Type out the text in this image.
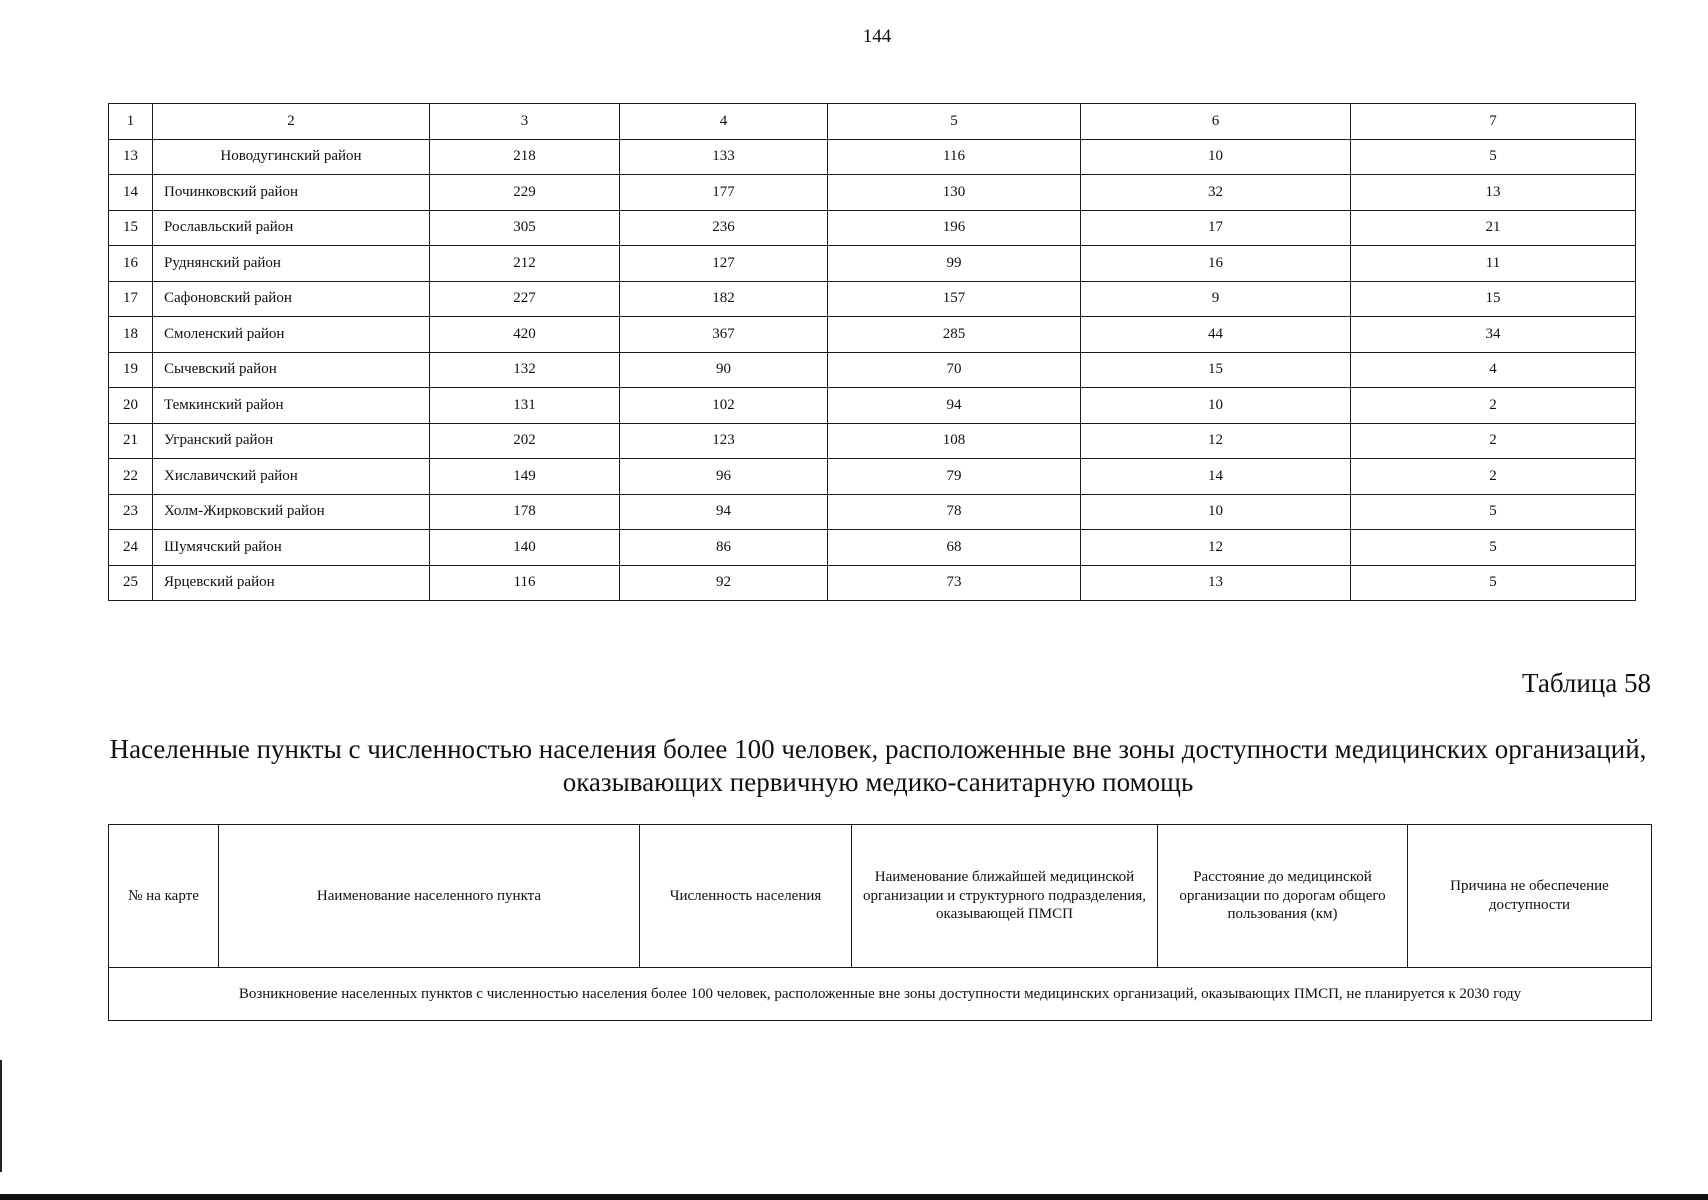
144
1	2	3	4	5	6	7
13	Новодугинский район	218	133	116	10	5
14	Починковский район	229	177	130	32	13
15	Рославльский район	305	236	196	17	21
16	Руднянский район	212	127	99	16	11
17	Сафоновский район	227	182	157	9	15
18	Смоленский район	420	367	285	44	34
19	Сычевский район	132	90	70	15	4
20	Темкинский район	131	102	94	10	2
21	Угранский район	202	123	108	12	2
22	Хиславичский район	149	96	79	14	2
23	Холм-Жирковский район	178	94	78	10	5
24	Шумячский район	140	86	68	12	5
25	Ярцевский район	116	92	73	13	5
Таблица 58
Населенные пункты с численностью населения более 100 человек, расположенные вне зоны доступности медицинских организаций, оказывающих первичную медико-санитарную помощь
№ на карте	Наименование населенного пункта	Численность населения	Наименование ближайшей медицинской организации и структурного подразделения, оказывающей ПМСП	Расстояние до медицинской организации по дорогам общего пользования (км)	Причина не обеспечение доступности
Возникновение населенных пунктов с численностью населения более 100 человек, расположенные вне зоны доступности медицинских организаций, оказывающих ПМСП, не планируется к 2030 году
